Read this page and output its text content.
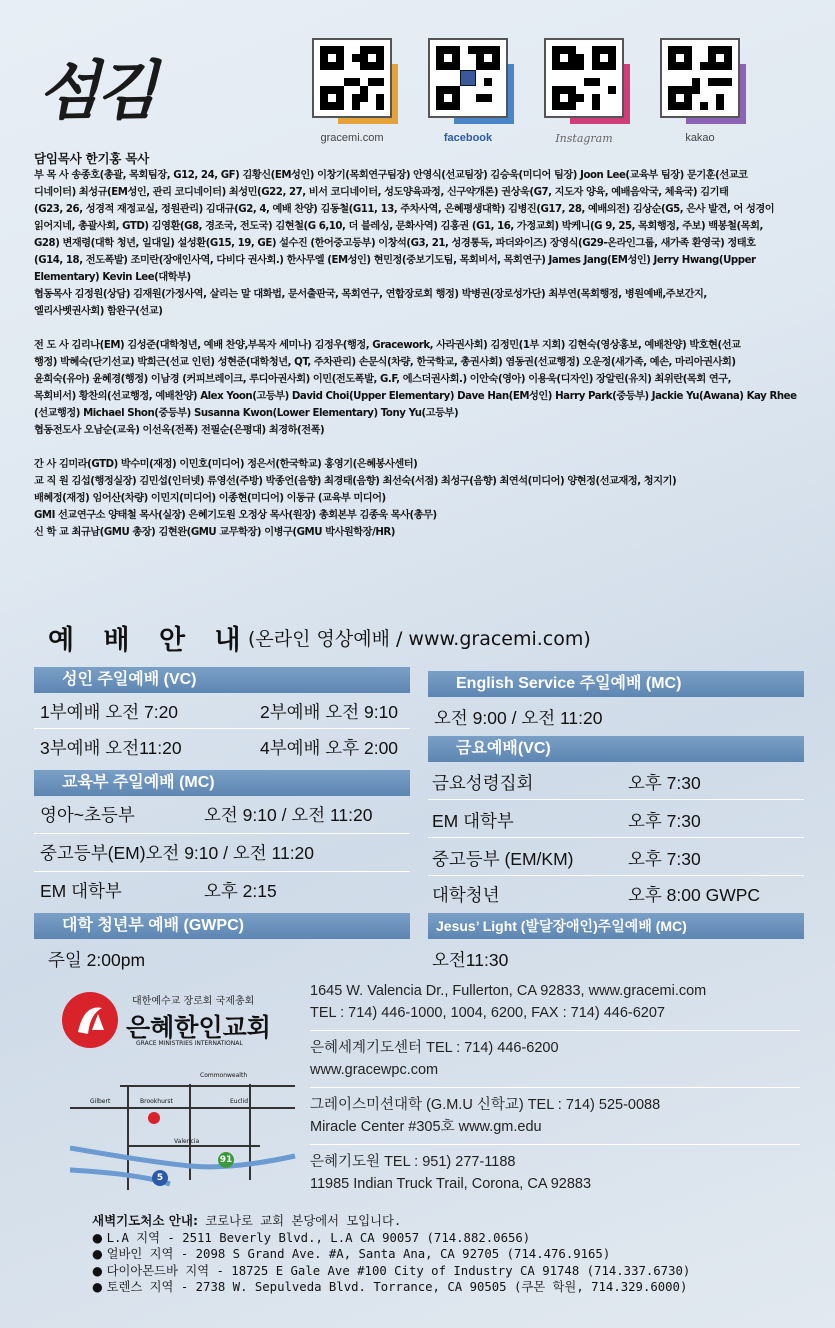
섬김
gracemi.com	facebook	Instagram	kakao

담임목사 한기홍 목사

부 목 사 송종호(총괄, 목회팀장, G12, 24, GF) 김황신(EM성인) 이창기(목회연구팀장) 안영식(선교팀장) 김승욱(미디어 팀장) Joon Lee(교육부 팀장) 문기훈(선교코

디네이터) 최성규(EM성인, 관리 코디네이터) 최성민(G22, 27, 비서 코디네이터, 성도양육과정, 신구약개론) 권상욱(G7, 지도자 양육, 예배음악국, 체육국) 김기태

(G23, 26, 성경적 재정교실, 정원관리) 김대규(G2, 4, 예배 찬양) 김동철(G11, 13, 주차사역, 은혜평생대학) 김병진(G17, 28, 예배의전) 김상순(G5, 은사 발견, 어 성경이

읽어지네, 총괄사회, GTD) 김영환(G8, 경조국, 전도국) 김현철(G 6,10, 더 블레싱, 문화사역) 김홍권 (G1, 16, 가정교회) 박케니(G 9, 25, 목회행정, 주보) 백봉철(목회,

G28) 변재령(대학 청년, 일대일) 설성환(G15, 19, GE) 설수진 (한어중고등부) 이창석(G3, 21, 성경통독, 파더와이즈) 장영식(G29-온라인그룹, 새가족 환영국) 정태호

(G14, 18, 전도폭발) 조미란(장애인사역, 다비다 권사회.) 한사무엘 (EM성인) 현민정(중보기도팀, 목회비서, 목회연구) James Jang(EM성인) Jerry Hwang(Upper

Elementary) Kevin Lee(대학부)

협동목사 김정원(상담) 김재원(가정사역, 살리는 말 대화법, 문서출판국, 목회연구, 연합장로회 행정) 박병권(장로성가단) 최부연(목회행정, 병원예배,주보간지,

엘리사벳권사회) 함완구(선교)

전 도 사 김리나(EM) 김성준(대학청년, 예배 찬양,부목자 세미나) 김정우(행정, Gracework, 사라권사회) 김정민(1부 지회) 김현숙(영상홍보, 예배찬양) 박호현(선교

행정) 박혜숙(단기선교) 박희근(선교 인턴) 성현준(대학청년, QT, 주차관리) 손문식(차량, 한국학교, 총권사회) 염동권(선교행정) 오운정(새가족, 예손, 마리아권사회)

윤희숙(유아) 윤혜경(행정) 이남경 (커피브레이크, 루디아권사회) 이민(전도폭발, G.F, 에스더권사회.) 이안숙(영아) 이용욱(디자인) 장알린(유치) 최위란(목회 연구,

목회비서) 황찬의(선교행정, 예배찬양) Alex Yoon(고등부) David Choi(Upper Elementary) Dave Han(EM성인) Harry Park(중등부) Jackie Yu(Awana) Kay Rhee

(선교행정) Michael Shon(중등부) Susanna Kwon(Lower Elementary) Tony Yu(고등부)

협동전도사 오남순(교육) 이선옥(전폭) 전필순(은평대) 최경하(전폭)

간 사 김미라(GTD) 박수미(재정) 이민호(미디어) 정은서(한국학교) 홍영기(은혜봉사센터)

교 직 원 김섭(행정실장) 김민섭(인터넷) 류영선(주방) 박종언(음향) 최경태(음향) 최선숙(서점) 최성구(음향) 최연석(미디어) 양현정(선교재정, 청지기)

배혜정(재정) 임어산(차량) 이민지(미디어) 이종현(미디어) 이동규 (교육부 미디어)

GMI 선교연구소 양태철 목사(실장) 은혜기도원 오정상 목사(원장) 총회본부 김종욱 목사(총무)

신 학 교 최규남(GMU 총장) 김현완(GMU 교무학장) 이병구(GMU 박사원학장/HR)

예 배 안 내
(온라인 영상예배 / www.gracemi.com)
성인 주일예배 (VC)
1부예배 오전 7:20	2부예배 오전 9:10
3부예배 오전11:20	4부예배 오후 2:00
교육부 주일예배 (MC)
영아~초등부	오전 9:10 / 오전 11:20
중고등부(EM) 오전 9:10 / 오전 11:20
EM 대학부	오후 2:15
대학 청년부 예배 (GWPC)
주일 2:00pm
English Service 주일예배 (MC)
오전 9:00 / 오전 11:20
금요예배(VC)
금요성령집회	오후 7:30
EM 대학부	오후 7:30
중고등부 (EM/KM)	오후 7:30
대학청년	오후 8:00 GWPC
Jesus’ Light (발달장애인)주일예배 (MC)
오전11:30
대한예수교 장로회 국제총회
은혜한인교회
GRACE MINISTRIES INTERNATIONAL
Commonwealth
Gilbert	Brookhurst	Euclid
Valencia
91
5
1645 W. Valencia Dr., Fullerton, CA 92833, www.gracemi.com
TEL : 714) 446-1000, 1004, 6200, FAX : 714) 446-6207
은혜세계기도센터 TEL : 714) 446-6200
www.gracewpc.com
그레이스미션대학 (G.M.U 신학교) TEL : 714) 525-0088
Miracle Center #305호 www.gm.edu
은혜기도원 TEL : 951) 277-1188
11985 Indian Truck Trail, Corona, CA 92883
새벽기도처소 안내: 코로나로 교회 본당에서 모입니다.
● L.A 지역 - 2511 Beverly Blvd., L.A CA 90057 (714.882.0656)
● 얼바인 지역 - 2098 S Grand Ave. #A, Santa Ana, CA 92705 (714.476.9165)
● 다이아몬드바 지역 - 18725 E Gale Ave #100 City of Industry CA 91748 (714.337.6730)
● 토렌스 지역 - 2738 W. Sepulveda Blvd. Torrance, CA 90505 (쿠몬 학원, 714.329.6000)
